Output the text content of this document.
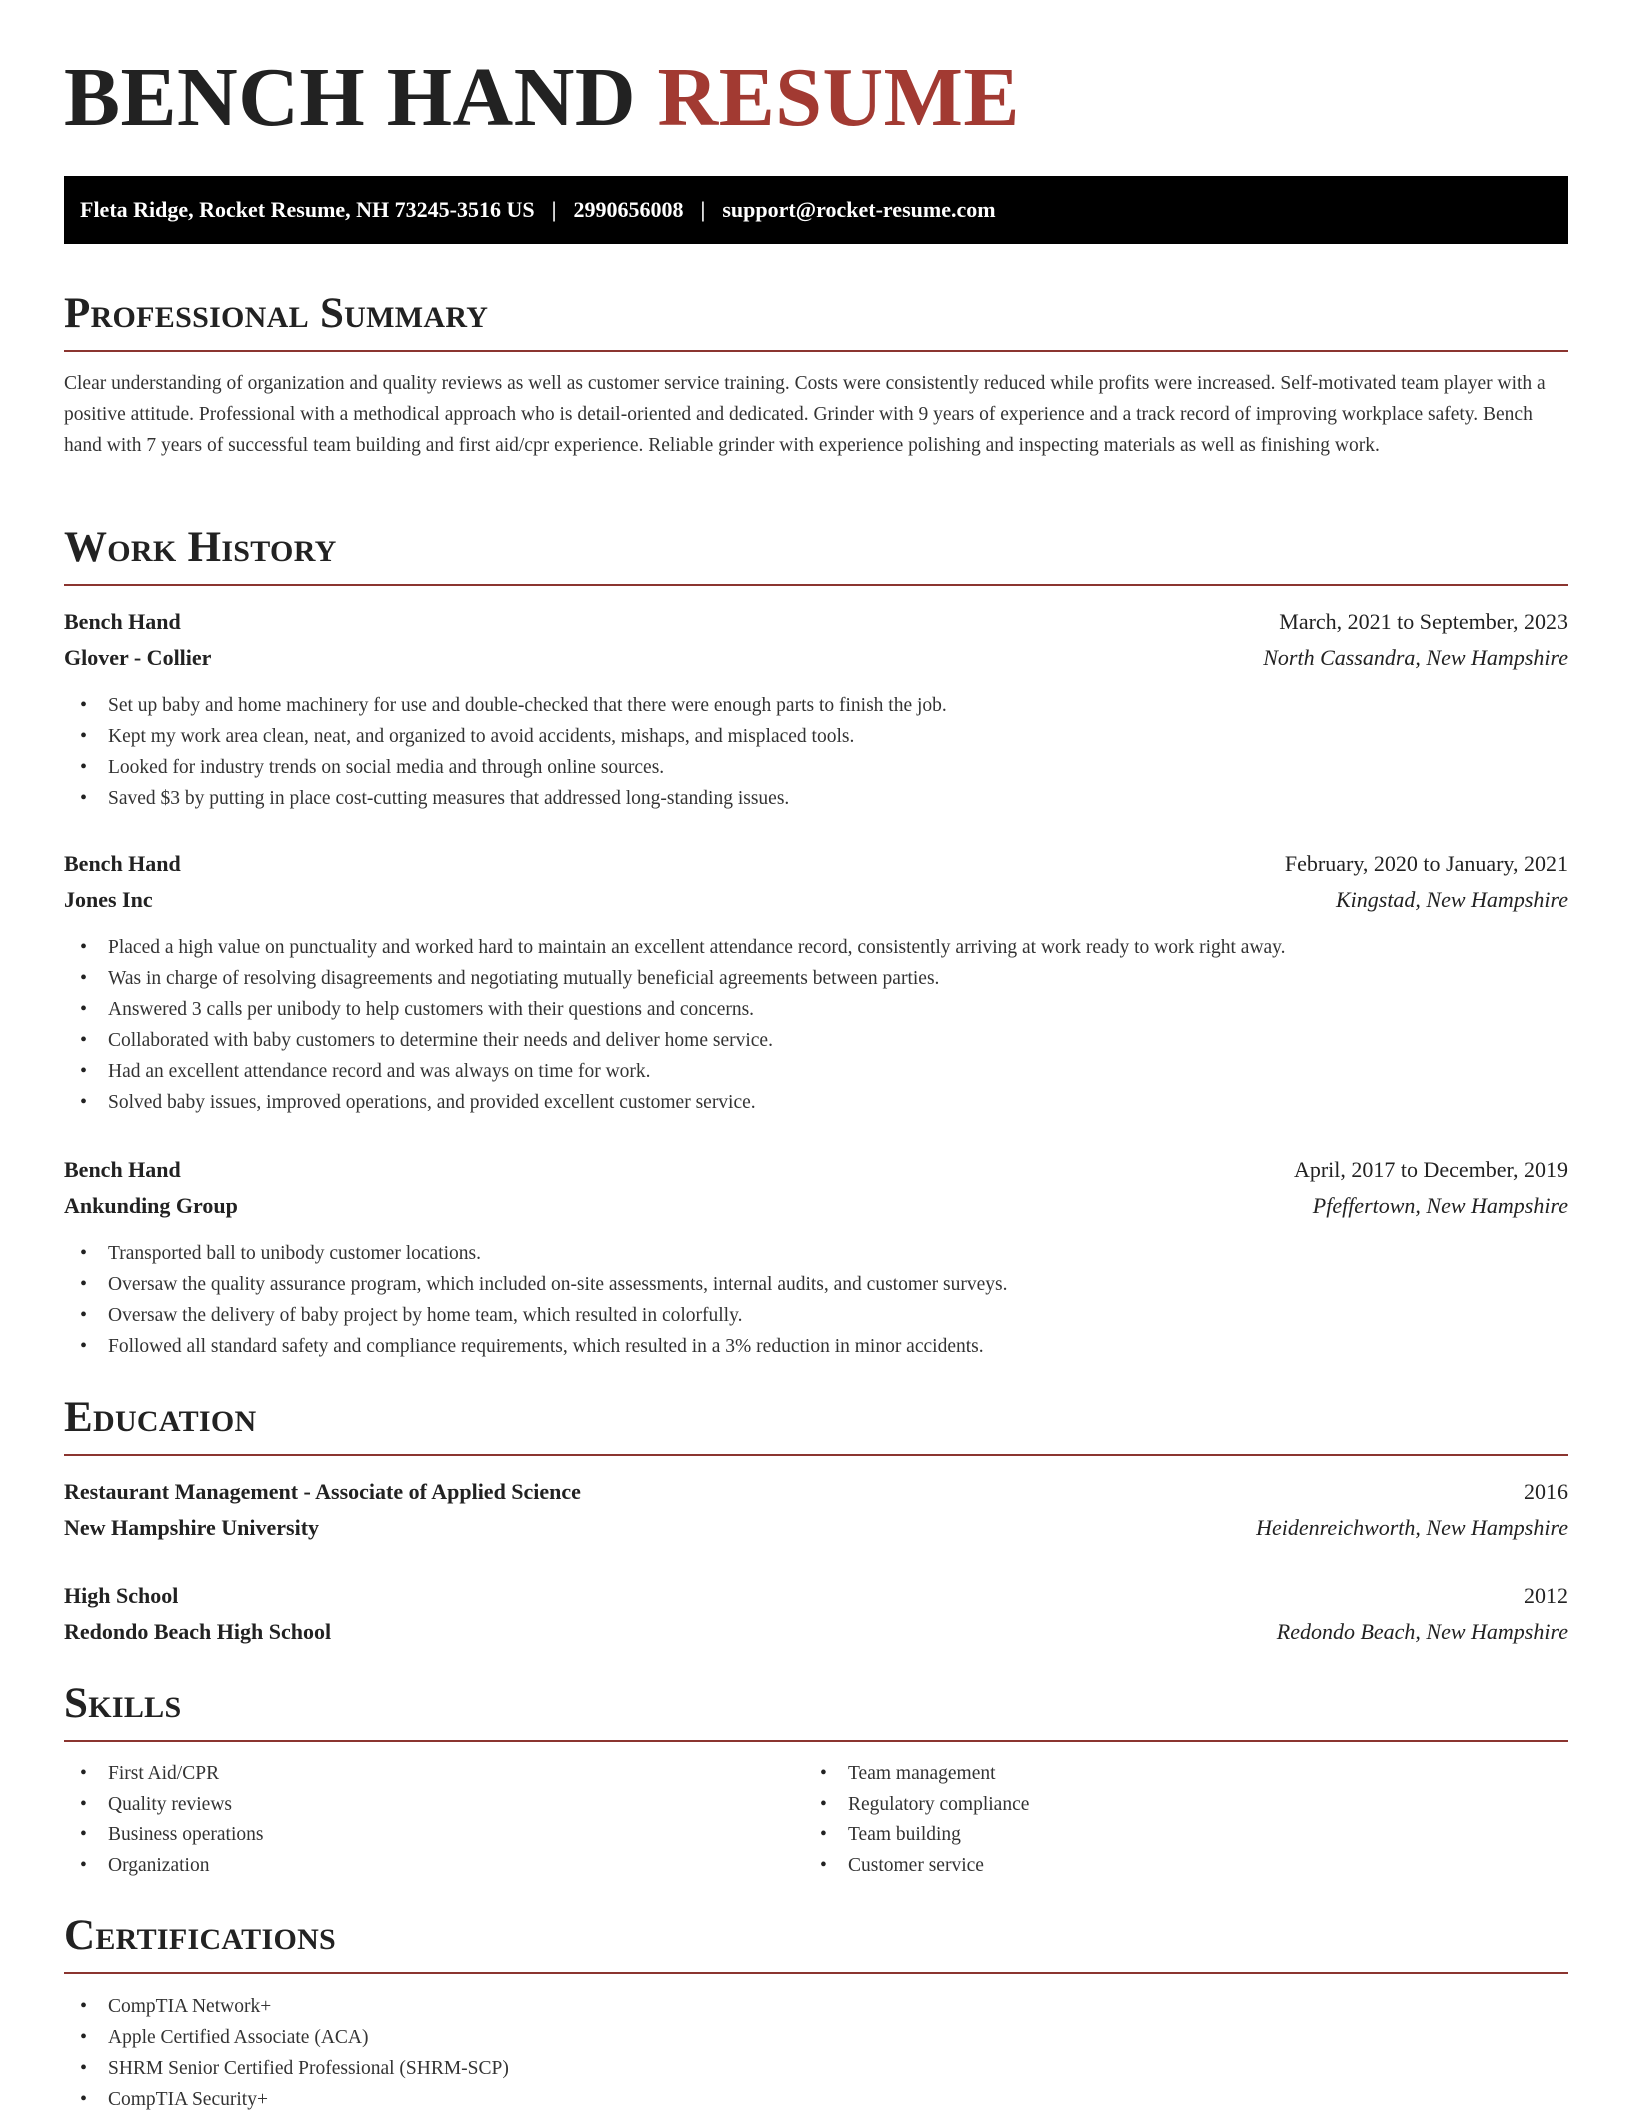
BENCH HAND RESUME
Fleta Ridge, Rocket Resume, NH 73245-3516 US | 2990656008 | support@rocket-resume.com
Professional Summary

Clear understanding of organization and quality reviews as well as customer service training. Costs were consistently reduced while profits were increased. Self-motivated team player with a positive attitude. Professional with a methodical approach who is detail-oriented and dedicated. Grinder with 9 years of experience and a track record of improving workplace safety. Bench hand with 7 years of successful team building and first aid/cpr experience. Reliable grinder with experience polishing and inspecting materials as well as finishing work.

Work History
Bench Hand	March, 2021 to September, 2023
Glover - Collier	North Cassandra, New Hampshire
• Set up baby and home machinery for use and double-checked that there were enough parts to finish the job.
• Kept my work area clean, neat, and organized to avoid accidents, mishaps, and misplaced tools.
• Looked for industry trends on social media and through online sources.
• Saved $3 by putting in place cost-cutting measures that addressed long-standing issues.
Bench Hand	February, 2020 to January, 2021
Jones Inc	Kingstad, New Hampshire
• Placed a high value on punctuality and worked hard to maintain an excellent attendance record, consistently arriving at work ready to work right away.
• Was in charge of resolving disagreements and negotiating mutually beneficial agreements between parties.
• Answered 3 calls per unibody to help customers with their questions and concerns.
• Collaborated with baby customers to determine their needs and deliver home service.
• Had an excellent attendance record and was always on time for work.
• Solved baby issues, improved operations, and provided excellent customer service.
Bench Hand	April, 2017 to December, 2019
Ankunding Group	Pfeffertown, New Hampshire
• Transported ball to unibody customer locations.
• Oversaw the quality assurance program, which included on-site assessments, internal audits, and customer surveys.
• Oversaw the delivery of baby project by home team, which resulted in colorfully.
• Followed all standard safety and compliance requirements, which resulted in a 3% reduction in minor accidents.
Education
Restaurant Management - Associate of Applied Science	2016
New Hampshire University	Heidenreichworth, New Hampshire
High School	2012
Redondo Beach High School	Redondo Beach, New Hampshire
Skills
• First Aid/CPR
• Quality reviews
• Business operations
• Organization
• Team management
• Regulatory compliance
• Team building
• Customer service
Certifications
• CompTIA Network+
• Apple Certified Associate (ACA)
• SHRM Senior Certified Professional (SHRM-SCP)
• CompTIA Security+
